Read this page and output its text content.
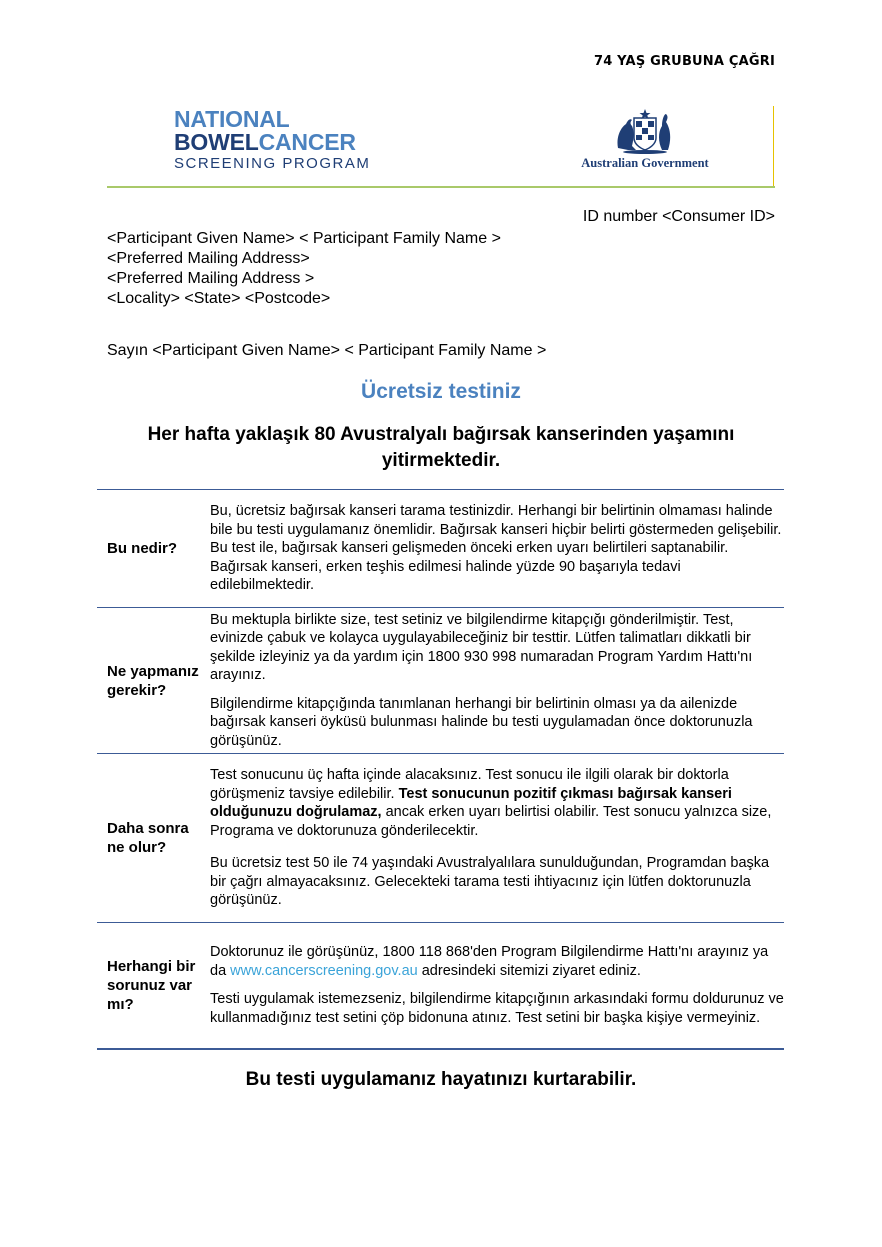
74 YAŞ GRUBUNA ÇAĞRI
NATIONAL
BOWELCANCER
SCREENING PROGRAM	Australian Government
ID number <Consumer ID>
<Participant Given Name> < Participant Family Name >
<Preferred Mailing Address>
<Preferred Mailing Address >
<Locality> <State> <Postcode>
Sayın <Participant Given Name> < Participant Family Name >
Ücretsiz testiniz
Her hafta yaklaşık 80 Avustralyalı bağırsak kanserinden yaşamını yitirmektedir.
Bu nedir?	Bu, ücretsiz bağırsak kanseri tarama testinizdir. Herhangi bir belirtinin olmaması halinde bile bu testi uygulamanız önemlidir. Bağırsak kanseri hiçbir belirti göstermeden gelişebilir. Bu test ile, bağırsak kanseri gelişmeden önceki erken uyarı belirtileri saptanabilir. Bağırsak kanseri, erken teşhis edilmesi halinde yüzde 90 başarıyla tedavi edilebilmektedir.

Ne yapmanız gerekir?	Bu mektupla birlikte size, test setiniz ve bilgilendirme kitapçığı gönderilmiştir. Test, evinizde çabuk ve kolayca uygulayabileceğiniz bir testtir. Lütfen talimatları dikkatli bir şekilde izleyiniz ya da yardım için 1800 930 998 numaradan Program Yardım Hattı'nı arayınız.

Bilgilendirme kitapçığında tanımlanan herhangi bir belirtinin olması ya da ailenizde bağırsak kanseri öyküsü bulunması halinde bu testi uygulamadan önce doktorunuzla görüşünüz.

Daha sonra ne olur?	Test sonucunu üç hafta içinde alacaksınız. Test sonucu ile ilgili olarak bir doktorla görüşmeniz tavsiye edilebilir. Test sonucunun pozitif çıkması bağırsak kanseri olduğunuzu doğrulamaz, ancak erken uyarı belirtisi olabilir. Test sonucu yalnızca size, Programa ve doktorunuza gönderilecektir.

Bu ücretsiz test 50 ile 74 yaşındaki Avustralyalılara sunulduğundan, Programdan başka bir çağrı almayacaksınız. Gelecekteki tarama testi ihtiyacınız için lütfen doktorunuzla görüşünüz.

Herhangi bir sorunuz var mı?	Doktorunuz ile görüşünüz, 1800 118 868'den Program Bilgilendirme Hattı'nı arayınız ya da www.cancerscreening.gov.au adresindeki sitemizi ziyaret ediniz.

Testi uygulamak istemezseniz, bilgilendirme kitapçığının arkasındaki formu doldurunuz ve kullanmadığınız test setini çöp bidonuna atınız. Test setini bir başka kişiye vermeyiniz.

Bu testi uygulamanız hayatınızı kurtarabilir.
